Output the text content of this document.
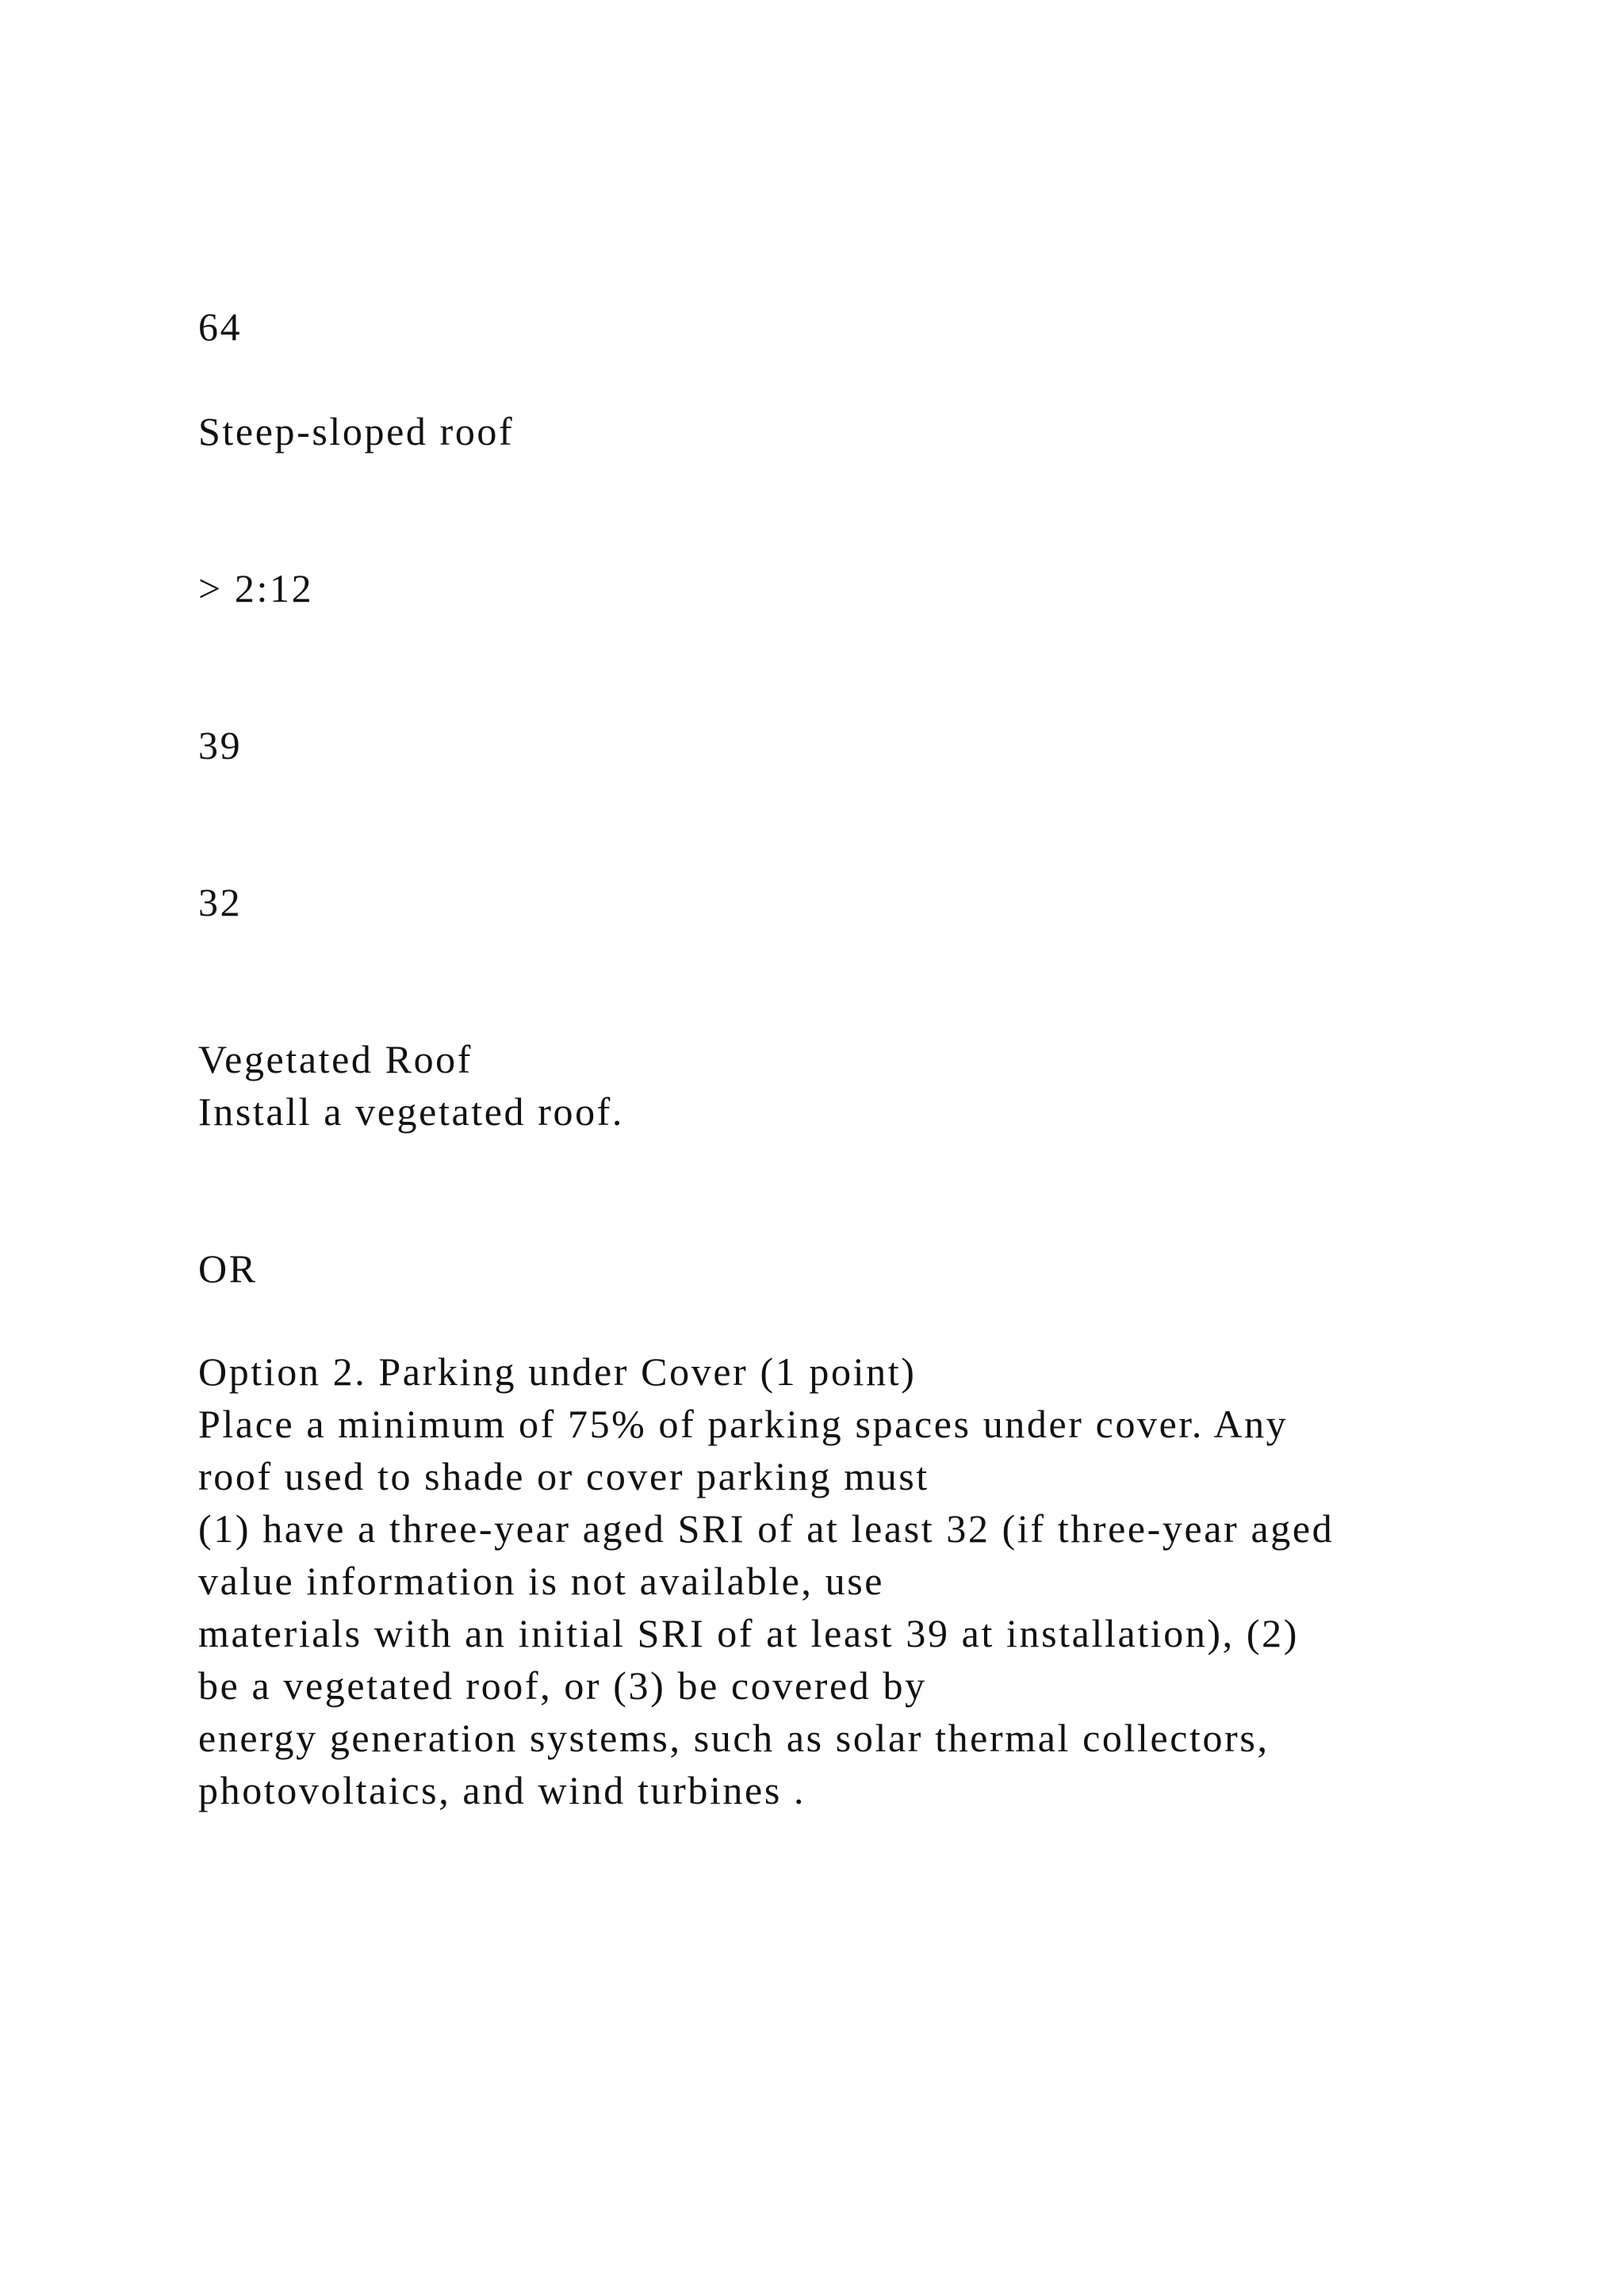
64

Steep-sloped roof

> 2:12

39

32

Vegetated Roof

Install a vegetated roof.

OR

Option 2. Parking under Cover (1 point)
Place a minimum of 75% of parking spaces under cover. Any
roof used to shade or cover parking must
(1) have a three-year aged SRI of at least 32 (if three-year aged
value information is not available, use
materials with an initial SRI of at least 39 at installation), (2)
be a vegetated roof, or (3) be covered by
energy generation systems, such as solar thermal collectors,
photovoltaics, and wind turbines .
